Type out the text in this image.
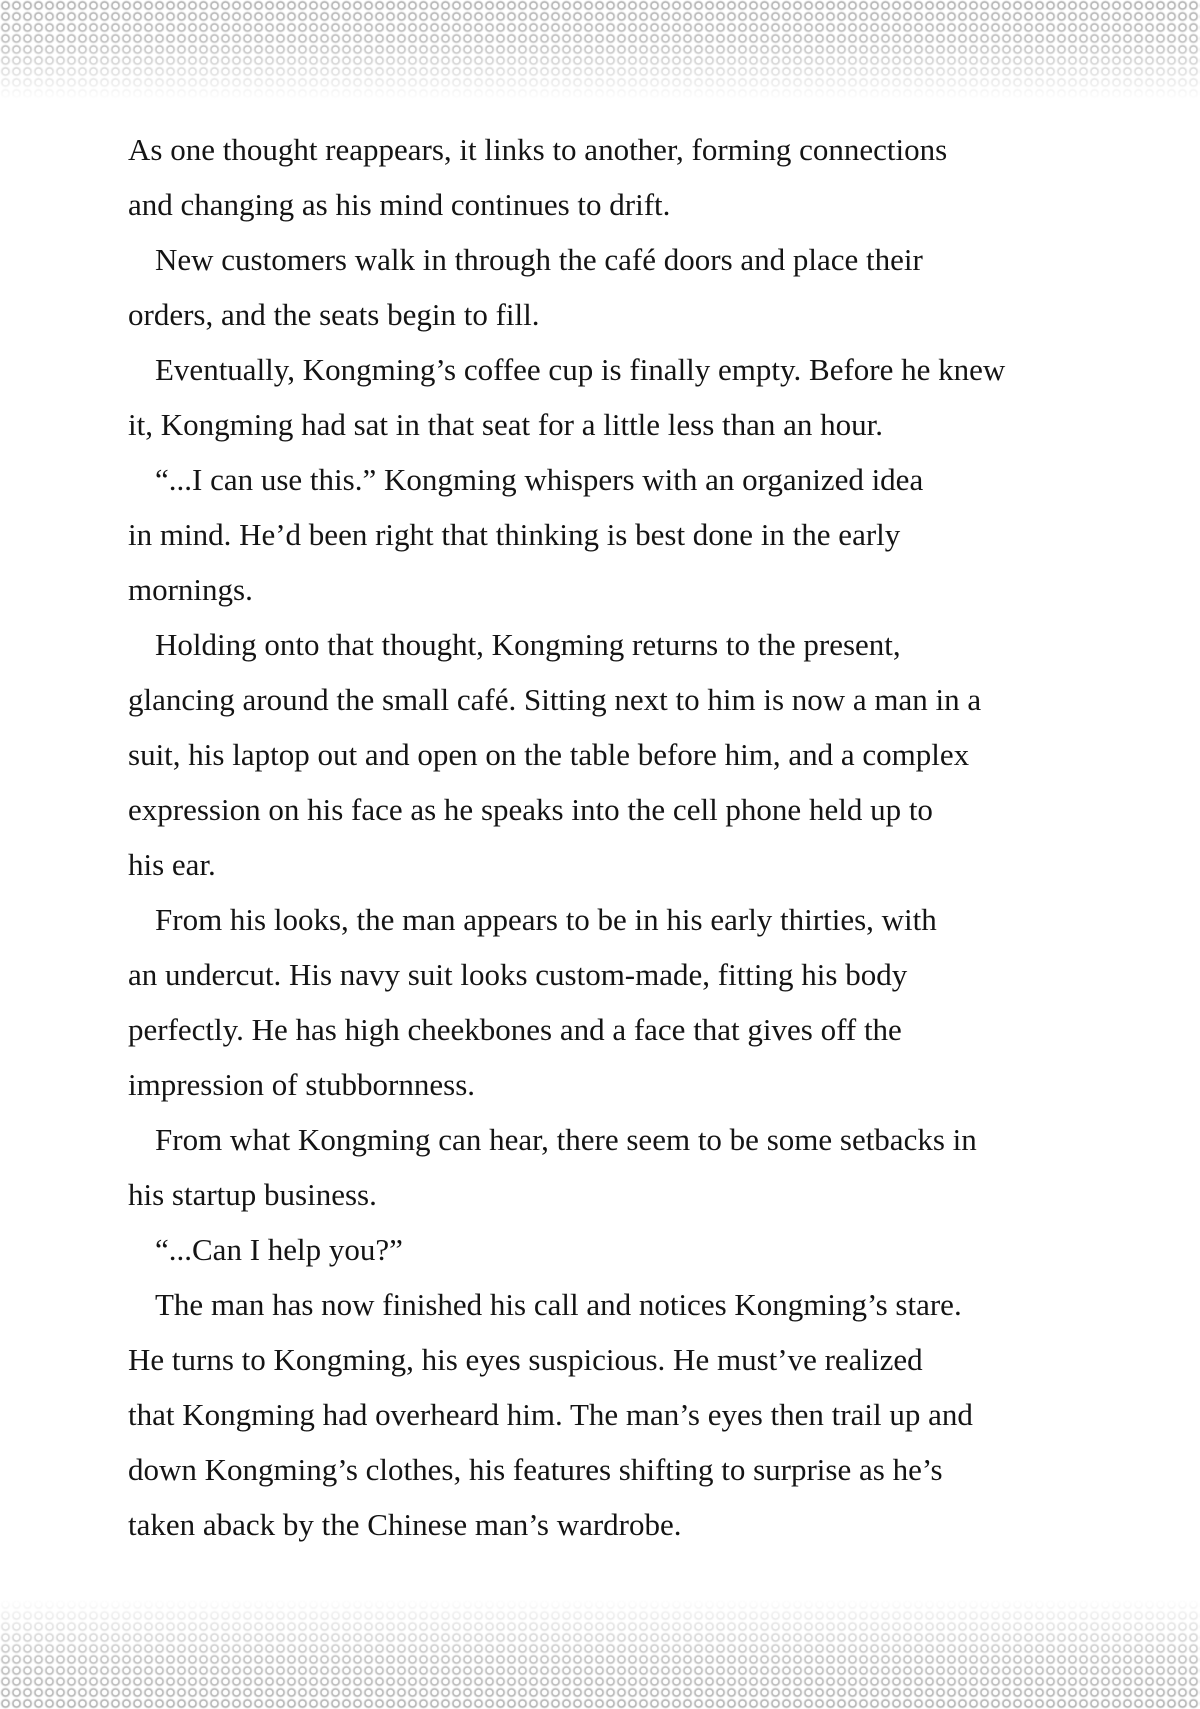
As one thought reappears, it links to another, forming connections
and changing as his mind continues to drift.
New customers walk in through the café doors and place their
orders, and the seats begin to fill.
Eventually, Kongming’s coffee cup is finally empty. Before he knew
it, Kongming had sat in that seat for a little less than an hour.
“...I can use this.” Kongming whispers with an organized idea
in mind. He’d been right that thinking is best done in the early
mornings.
Holding onto that thought, Kongming returns to the present,
glancing around the small café. Sitting next to him is now a man in a
suit, his laptop out and open on the table before him, and a complex
expression on his face as he speaks into the cell phone held up to
his ear.
From his looks, the man appears to be in his early thirties, with
an undercut. His navy suit looks custom-made, fitting his body
perfectly. He has high cheekbones and a face that gives off the
impression of stubbornness.
From what Kongming can hear, there seem to be some setbacks in
his startup business.
“...Can I help you?”
The man has now finished his call and notices Kongming’s stare.
He turns to Kongming, his eyes suspicious. He must’ve realized
that Kongming had overheard him. The man’s eyes then trail up and
down Kongming’s clothes, his features shifting to surprise as he’s
taken aback by the Chinese man’s wardrobe.
